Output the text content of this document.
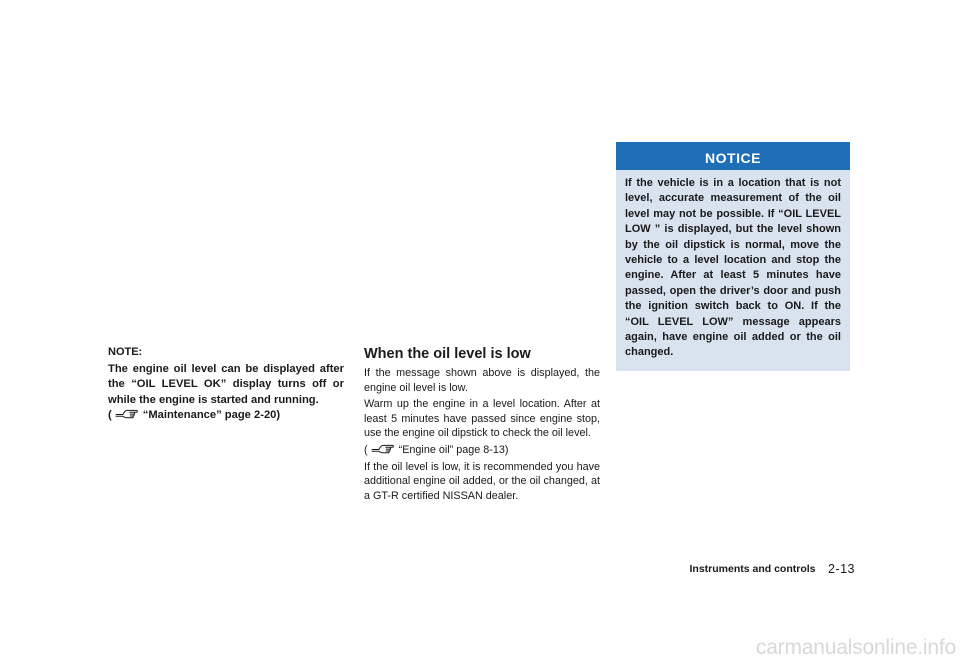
NOTE:
The engine oil level can be displayed after the “OIL LEVEL OK” display turns off or while the engine is started and running.
(	“Maintenance” page 2-20)
When the oil level is low
If the message shown above is displayed, the engine oil level is low.
Warm up the engine in a level location. After at least 5 minutes have passed since engine stop, use the engine oil dipstick to check the oil level.
(	“Engine oil” page 8-13)
If the oil level is low, it is recommended you have additional engine oil added, or the oil changed, at a GT-R certified NISSAN dealer.
NOTICE
If the vehicle is in a location that is not level, accurate measurement of the oil level may not be possible. If “OIL LEVEL LOW ” is displayed, but the level shown by the oil dipstick is normal, move the vehicle to a level location and stop the engine. After at least 5 minutes have passed, open the driver’s door and push the ignition switch back to ON. If the “OIL LEVEL LOW” message appears again, have engine oil added or the oil changed.
Instruments and controls 2-13
carmanualsonline.info
